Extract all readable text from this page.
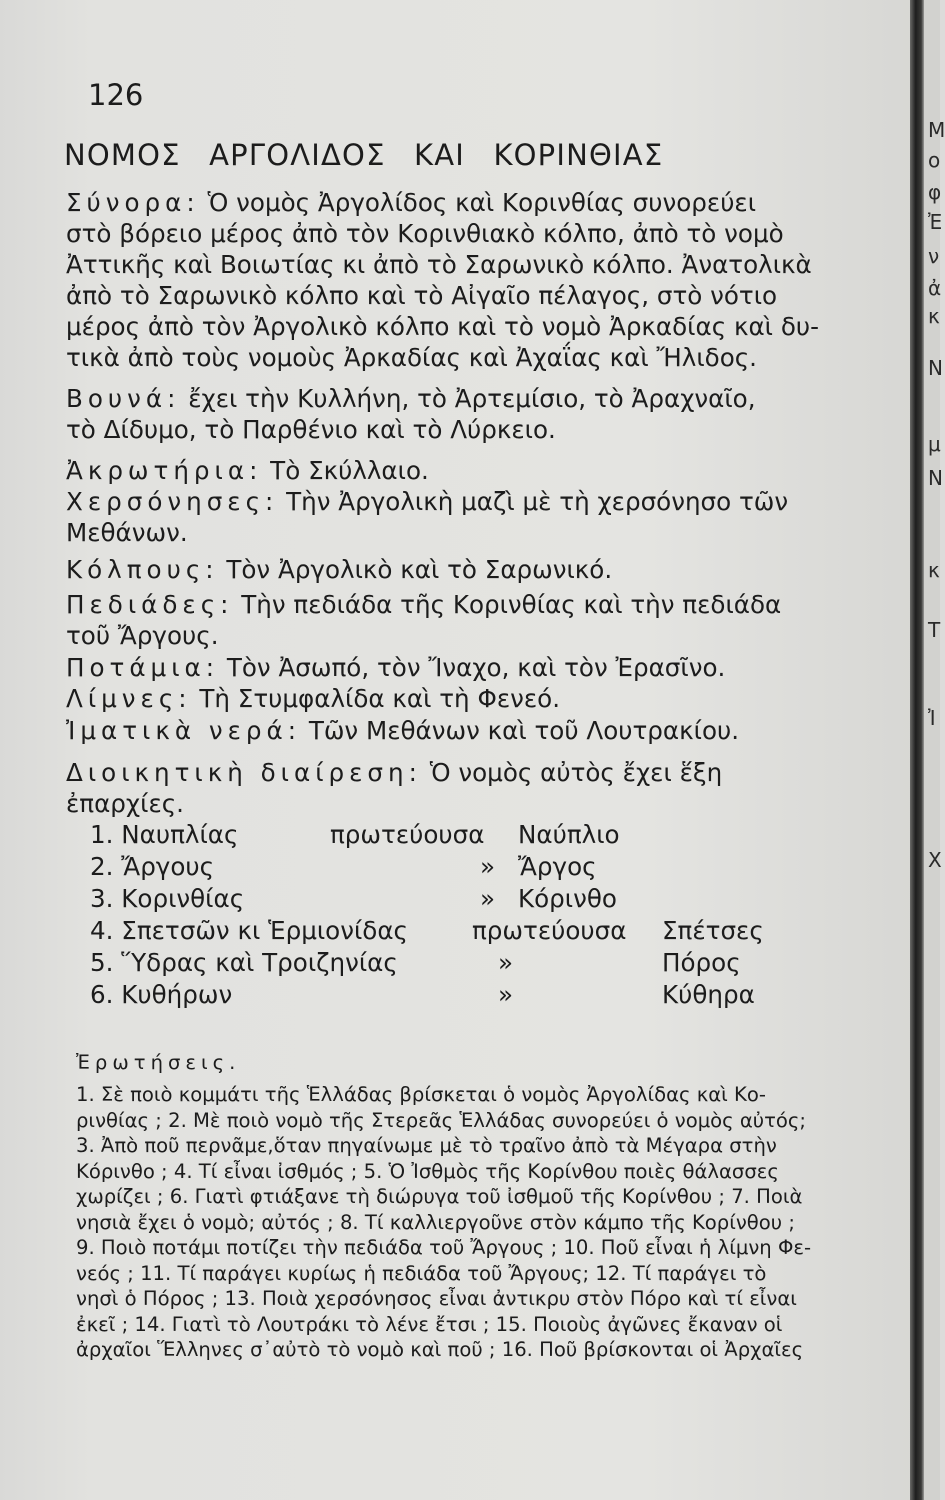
126
ΝΟΜΟΣ ΑΡΓΟΛΙΔΟΣ ΚΑΙ ΚΟΡΙΝΘΙΑΣ
Σύνορα: Ὁ νομὸς Ἀργολίδος καὶ Κορινθίας συνορεύει
στὸ βόρειο μέρος ἀπὸ τὸν Κορινθιακὸ κόλπο, ἀπὸ τὸ νομὸ
Ἀττικῆς καὶ Βοιωτίας κι ἀπὸ τὸ Σαρωνικὸ κόλπο. Ἀνατολικὰ
ἀπὸ τὸ Σαρωνικὸ κόλπο καὶ τὸ Αἰγαῖο πέλαγος, στὸ νότιο
μέρος ἀπὸ τὸν Ἀργολικὸ κόλπο καὶ τὸ νομὸ Ἀρκαδίας καὶ δυ-
τικὰ ἀπὸ τοὺς νομοὺς Ἀρκαδίας καὶ Ἀχαΐας καὶ Ἤλιδος.
Βουνά: ἔχει τὴν Κυλλήνη, τὸ Ἀρτεμίσιο, τὸ Ἀραχναῖο,
τὸ Δίδυμο, τὸ Παρθένιο καὶ τὸ Λύρκειο.
Ἀκρωτήρια: Τὸ Σκύλλαιο.
Χερσόνησες: Τὴν Ἀργολικὴ μαζὶ μὲ τὴ χερσόνησο τῶν
Μεθάνων.
Κόλπους: Τὸν Ἀργολικὸ καὶ τὸ Σαρωνικό.
Πεδιάδες: Τὴν πεδιάδα τῆς Κορινθίας καὶ τὴν πεδιάδα
τοῦ Ἄργους.
Ποτάμια: Τὸν Ἀσωπό, τὸν Ἴναχο, καὶ τὸν Ἐρασῖνο.
Λίμνες: Τὴ Στυμφαλίδα καὶ τὴ Φενεό.
Ἰματικὰ νερά: Τῶν Μεθάνων καὶ τοῦ Λουτρακίου.
Διοικητικὴ διαίρεση: Ὁ νομὸς αὐτὸς ἔχει ἕξη
ἐπαρχίες.
1. Ναυπλίας	πρωτεύουσα Ναύπλιο
2. Ἄργους	» Ἄργος
3. Κορινθίας	» Κόρινθο
4. Σπετσῶν κι Ἑρμιονίδας	πρωτεύουσα Σπέτσες
5. Ὕδρας καὶ Τροιζηνίας	»	Πόρος
6. Κυθήρων	»	Κύθηρα
Ἐρωτήσεις.
1. Σὲ ποιὸ κομμάτι τῆς Ἑλλάδας βρίσκεται ὁ νομὸς Ἀργολίδας καὶ Κο-
ρινθίας ; 2. Μὲ ποιὸ νομὸ τῆς Στερεᾶς Ἑλλάδας συνορεύει ὁ νομὸς αὐτός;
3. Ἀπὸ ποῦ περνᾶμε,ὅταν πηγαίνωμε μὲ τὸ τραῖνο ἀπὸ τὰ Μέγαρα στὴν
Κόρινθο ; 4. Τί εἶναι ἰσθμός ; 5. Ὁ Ἰσθμὸς τῆς Κορίνθου ποιὲς θάλασσες
χωρίζει ; 6. Γιατὶ φτιάξανε τὴ διώρυγα τοῦ ἰσθμοῦ τῆς Κορίνθου ; 7. Ποιὰ
νησιὰ ἔχει ὁ νομὸ; αὐτός ; 8. Τί καλλιεργοῦνε στὸν κάμπο τῆς Κορίνθου ;
9. Ποιὸ ποτάμι ποτίζει τὴν πεδιάδα τοῦ Ἄργους ; 10. Ποῦ εἶναι ἡ λίμνη Φε-
νεός ; 11. Τί παράγει κυρίως ἡ πεδιάδα τοῦ Ἄργους; 12. Τί παράγει τὸ
νησὶ ὁ Πόρος ; 13. Ποιὰ χερσόνησος εἶναι ἀντικρυ στὸν Πόρο καὶ τί εἶναι
ἐκεῖ ; 14. Γιατὶ τὸ Λουτράκι τὸ λένε ἔτσι ; 15. Ποιοὺς ἀγῶνες ἔκαναν οἱ
ἀρχαῖοι Ἕλληνες σ᾽αὐτὸ τὸ νομὸ καὶ ποῦ ; 16. Ποῦ βρίσκονται οἱ Ἀρχαῖες
Μ
ο
φ
Ἐ
ν
ἀ
κ
Ν
μ
Ν
κ
Τ
Ἰ
Χ
